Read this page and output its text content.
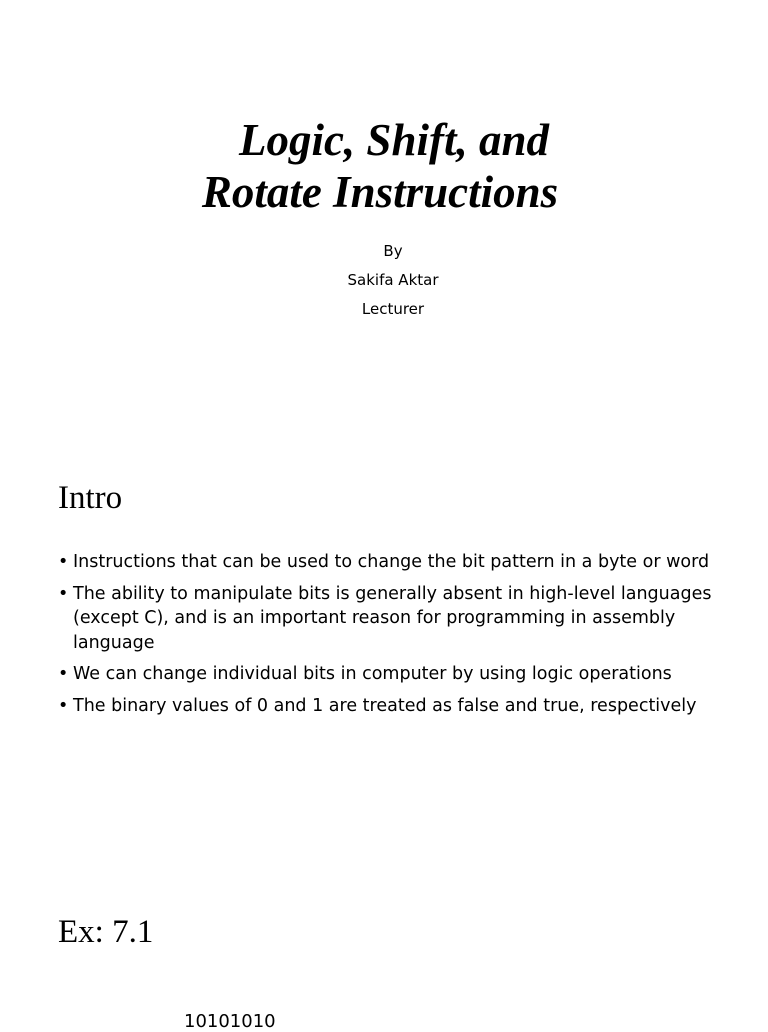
Logic, Shift, and
Rotate Instructions
By
Sakifa Aktar
Lecturer
Intro
• Instructions that can be used to change the bit pattern in a byte or word
• The ability to manipulate bits is generally absent in high-level languages (except C), and is an important reason for programming in assembly language
• We can change individual bits in computer by using logic operations
• The binary values of 0 and 1 are treated as false and true, respectively
Ex: 7.1
10101010
